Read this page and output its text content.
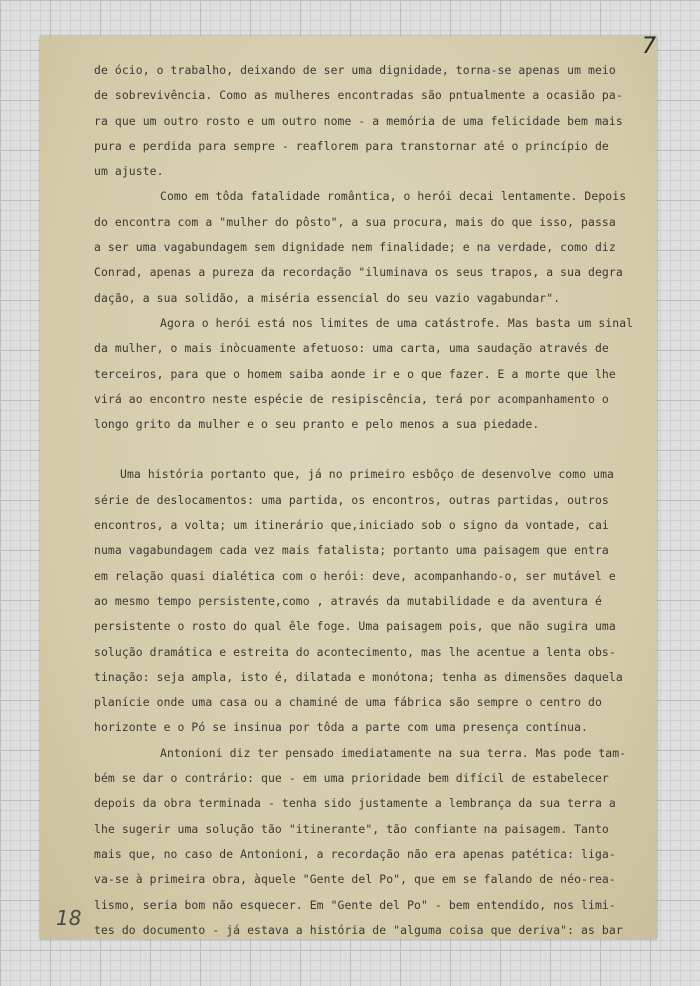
7
18
de ócio, o trabalho, deixando de ser uma dignidade, torna-se apenas um meio
de sobrevivência. Como as mulheres encontradas são pntualmente a ocasião pa-
ra que um outro rosto e um outro nome - a memória de uma felicidade bem mais
pura e perdida para sempre - reaflorem para transtornar até o princípio de
um ajuste.
Como em tôda fatalidade romântica, o herói decai lentamente. Depois
do encontra com a "mulher do pôsto", a sua procura, mais do que isso, passa
a ser uma vagabundagem sem dignidade nem finalidade; e na verdade, como diz
Conrad, apenas a pureza da recordação "iluminava os seus trapos, a sua degra
dação, a sua solidão, a miséria essencial do seu vazio vagabundar".
Agora o herói está nos limites de uma catástrofe. Mas basta um sinal
da mulher, o mais inòcuamente afetuoso: uma carta, uma saudação através de
terceiros, para que o homem saiba aonde ir e o que fazer. E a morte que lhe
virá ao encontro neste espécie de resipiscência, terá por acompanhamento o
longo grito da mulher e o seu pranto e pelo menos a sua piedade.
Uma história portanto que, já no primeiro esbôço de desenvolve como uma
série de deslocamentos: uma partida, os encontros, outras partidas, outros
encontros, a volta; um itinerário que,iniciado sob o signo da vontade, cai
numa vagabundagem cada vez mais fatalista; portanto uma paisagem que entra
em relação quasi dialética com o herói: deve, acompanhando-o, ser mutável e
ao mesmo tempo persistente,como , através da mutabilidade e da aventura é
persistente o rosto do qual êle foge. Uma paisagem pois, que não sugira uma
solução dramática e estreita do acontecimento, mas lhe acentue a lenta obs-
tinação: seja ampla, isto é, dilatada e monótona; tenha as dimensões daquela
planície onde uma casa ou a chaminé de uma fábrica são sempre o centro do
horizonte e o Pó se insinua por tôda a parte com uma presença contínua.
Antonioni diz ter pensado imediatamente na sua terra. Mas pode tam-
bém se dar o contrário: que - em uma prioridade bem difícil de estabelecer
depois da obra terminada - tenha sido justamente a lembrança da sua terra a
lhe sugerir uma solução tão "itinerante", tão confiante na paisagem. Tanto
mais que, no caso de Antonioni, a recordação não era apenas patética: liga-
va-se à primeira obra, àquele "Gente del Po", que em se falando de néo-rea-
lismo, seria bom não esquecer. Em "Gente del Po" - bem entendido, nos limi-
tes do documento - já estava a história de "alguma coisa que deriva": as bar
